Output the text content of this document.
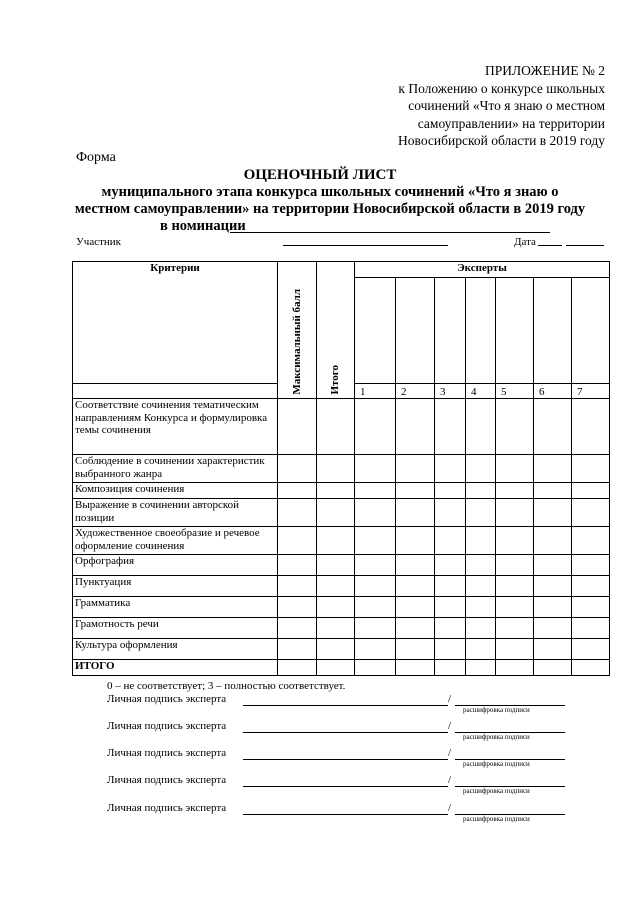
ПРИЛОЖЕНИЕ № 2
к Положению о конкурсе школьных
сочинений «Что я знаю о местном
самоуправлении» на территории
Новосибирской области в 2019 году
Форма
ОЦЕНОЧНЫЙ ЛИСТ
муниципального этапа конкурса школьных сочинений «Что я знаю о
местном самоуправлении» на территории Новосибирской области в 2019 году
в номинации
Участник	Дата
Критерии	Максимальный балл	Итого	Эксперты						

			1	2	3	4	5	6	7
Соответствие сочинения тематическим направлениям Конкурса и формулировка темы сочинения									
Соблюдение в сочинении характеристик выбранного жанра									
Композиция сочинения									
Выражение в сочинении авторской позиции									
Художественное своеобразие и речевое оформление сочинения									
Орфография									
Пунктуация									
Грамматика									
Грамотность речи									
Культура оформления									
ИТОГО									
0 – не соответствует; 3 – полностью соответствует.
Личная подпись эксперта	/
расшифровка подписи
Личная подпись эксперта	/
расшифровка подписи
Личная подпись эксперта	/
расшифровка подписи
Личная подпись эксперта	/
расшифровка подписи
Личная подпись эксперта	/
расшифровка подписи
